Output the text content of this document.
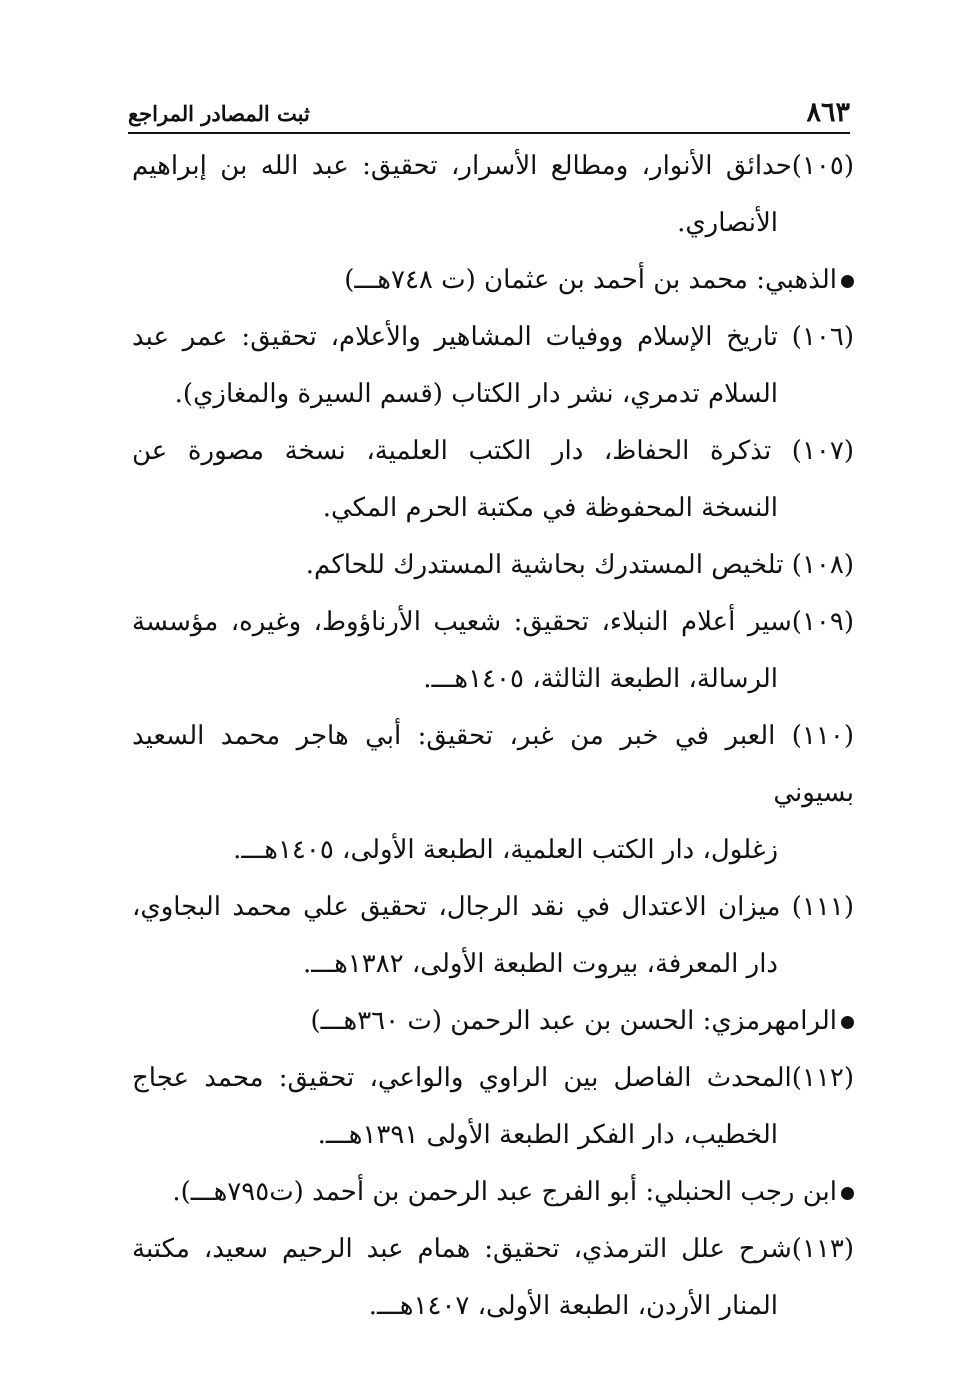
٨٦٣
ثبت المصادر المراجع
(١٠٥)حدائق الأنوار، ومطالع الأسرار، تحقيق: عبد الله بن إبراهيم
الأنصاري.
الذهبي: محمد بن أحمد بن عثمان (ت ٧٤٨هـــ)
(١٠٦) تاريخ الإسلام ووفيات المشاهير والأعلام، تحقيق: عمر عبد
السلام تدمري، نشر دار الكتاب (قسم السيرة والمغازي).
(١٠٧) تذكرة الحفاظ، دار الكتب العلمية، نسخة مصورة عن
النسخة المحفوظة في مكتبة الحرم المكي.
(١٠٨) تلخيص المستدرك بحاشية المستدرك للحاكم.
(١٠٩)سير أعلام النبلاء، تحقيق: شعيب الأرناؤوط، وغيره، مؤسسة
الرسالة، الطبعة الثالثة، ١٤٠٥هـــ.
(١١٠) العبر في خبر من غبر، تحقيق: أبي هاجر محمد السعيد بسيوني
زغلول، دار الكتب العلمية، الطبعة الأولى، ١٤٠٥هـــ.
(١١١) ميزان الاعتدال في نقد الرجال، تحقيق علي محمد البجاوي،
دار المعرفة، بيروت الطبعة الأولى، ١٣٨٢هـــ.
الرامهرمزي: الحسن بن عبد الرحمن (ت ٣٦٠هـــ)
(١١٢)المحدث الفاصل بين الراوي والواعي، تحقيق: محمد عجاج
الخطيب، دار الفكر الطبعة الأولى ١٣٩١هـــ.
ابن رجب الحنبلي: أبو الفرج عبد الرحمن بن أحمد (ت٧٩٥هـــ).
(١١٣)شرح علل الترمذي، تحقيق: همام عبد الرحيم سعيد، مكتبة
المنار الأردن، الطبعة الأولى، ١٤٠٧هـــ.
